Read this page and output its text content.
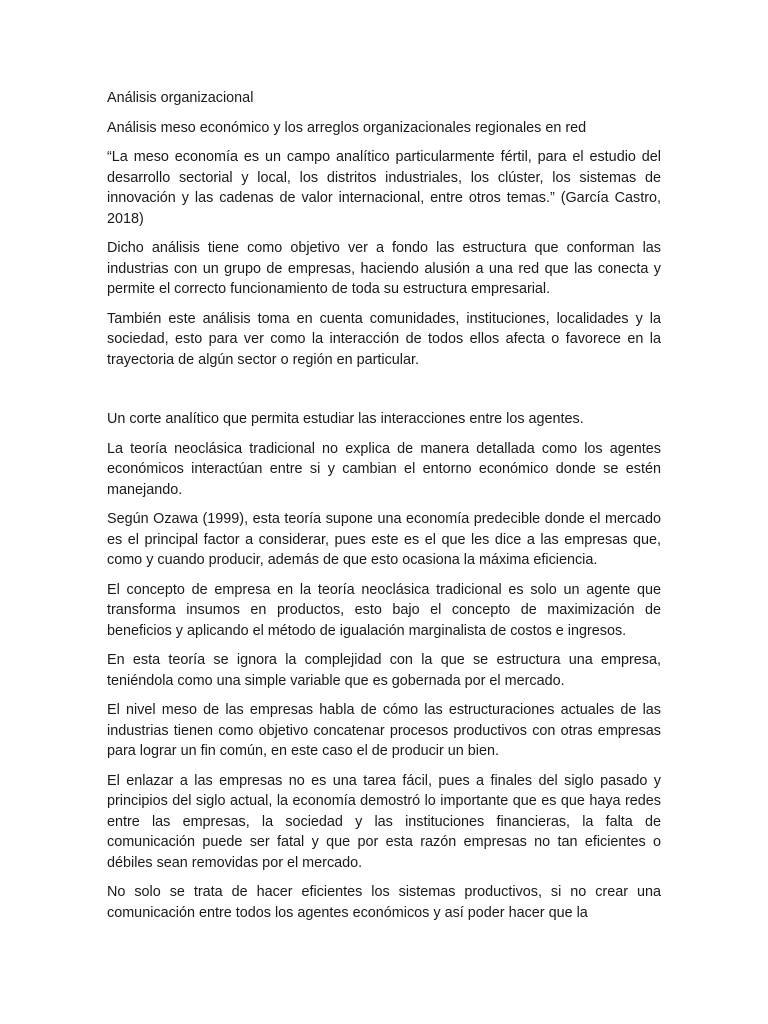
Análisis organizacional

Análisis meso económico y los arreglos organizacionales regionales en red

“La meso economía es un campo analítico particularmente fértil, para el estudio del desarrollo sectorial y local, los distritos industriales, los clúster, los sistemas de innovación y las cadenas de valor internacional, entre otros temas.” (García Castro, 2018)

Dicho análisis tiene como objetivo ver a fondo las estructura que conforman las industrias con un grupo de empresas, haciendo alusión a una red que las conecta y permite el correcto funcionamiento de toda su estructura empresarial.

También este análisis toma en cuenta comunidades, instituciones, localidades y la sociedad, esto para ver como la interacción de todos ellos afecta o favorece en la trayectoria de algún sector o región en particular.

Un corte analítico que permita estudiar las interacciones entre los agentes.

La teoría neoclásica tradicional no explica de manera detallada como los agentes económicos interactúan entre si y cambian el entorno económico donde se estén manejando.

Según Ozawa (1999), esta teoría supone una economía predecible donde el mercado es el principal factor a considerar, pues este es el que les dice a las empresas que, como y cuando producir, además de que esto ocasiona la máxima eficiencia.

El concepto de empresa en la teoría neoclásica tradicional es solo un agente que transforma insumos en productos, esto bajo el concepto de maximización de beneficios y aplicando el método de igualación marginalista de costos e ingresos.

En esta teoría se ignora la complejidad con la que se estructura una empresa, teniéndola como una simple variable que es gobernada por el mercado.

El nivel meso de las empresas habla de cómo las estructuraciones actuales de las industrias tienen como objetivo concatenar procesos productivos con otras empresas para lograr un fin común, en este caso el de producir un bien.

El enlazar a las empresas no es una tarea fácil, pues a finales del siglo pasado y principios del siglo actual, la economía demostró lo importante que es que haya redes entre las empresas, la sociedad y las instituciones financieras, la falta de comunicación puede ser fatal y que por esta razón empresas no tan eficientes o débiles sean removidas por el mercado.

No solo se trata de hacer eficientes los sistemas productivos, si no crear una comunicación entre todos los agentes económicos y así poder hacer que la
